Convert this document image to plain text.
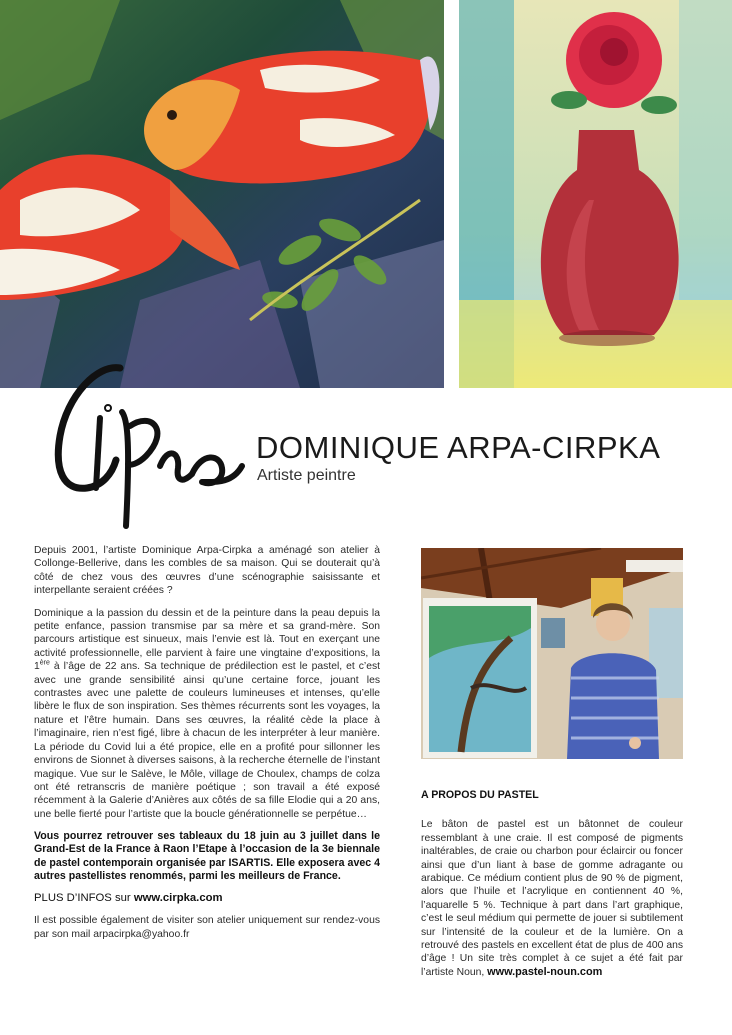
DOMINIQUE ARPA-CIRPKA
Artiste peintre

Depuis 2001, l’artiste Dominique Arpa-Cirpka a aménagé son atelier à Collonge-Bellerive, dans les combles de sa maison. Qui se douterait qu’à côté de chez vous des œuvres d’une scénographie saisissante et interpellante seraient créées ?

Dominique a la passion du dessin et de la peinture dans la peau depuis la petite enfance, passion transmise par sa mère et sa grand-mère. Son parcours artistique est sinueux, mais l’envie est là. Tout en exerçant une activité professionnelle, elle parvient à faire une vingtaine d’expositions, la 1ère à l’âge de 22 ans. Sa technique de prédilection est le pastel, et c’est avec une grande sensibilité ainsi qu’une certaine force, jouant les contrastes avec une palette de couleurs lumineuses et intenses, qu’elle libère le flux de son inspiration. Ses thèmes récurrents sont les voyages, la nature et l’être humain. Dans ses œuvres, la réalité cède la place à l’imaginaire, rien n’est figé, libre à chacun de les interpréter à leur manière. La période du Covid lui a été propice, elle en a profité pour sillonner les environs de Sionnet à diverses saisons, à la recherche éternelle de l’instant magique. Vue sur le Salève, le Môle, village de Choulex, champs de colza ont été retranscris de manière poétique ; son travail a été exposé récemment à la Galerie d’Anières aux côtés de sa fille Elodie qui a 20 ans, une belle fierté pour l’artiste que la boucle générationnelle se perpétue…

Vous pourrez retrouver ses tableaux du 18 juin au 3 juillet dans le Grand-Est de la France à Raon l’Etape à l’occasion de la 3e biennale de pastel contemporain organisée par ISARTIS. Elle exposera avec 4 autres pastellistes renommés, parmi les meilleurs de France.

PLUS D’INFOS sur www.cirpka.com

Il est possible également de visiter son atelier uniquement sur rendez-vous par son mail arpacirpka@yahoo.fr

A PROPOS DU PASTEL

Le bâton de pastel est un bâtonnet de couleur ressemblant à une craie. Il est composé de pigments inaltérables, de craie ou charbon pour éclaircir ou foncer ainsi que d’un liant à base de gomme adragante ou arabique. Ce médium contient plus de 90 % de pigment, alors que l’huile et l’acrylique en contiennent 40 %, l’aquarelle 5 %. Technique à part dans l’art graphique, c’est le seul médium qui permette de jouer si subtilement sur l’intensité de la couleur et de la lumière. On a retrouvé des pastels en excellent état de plus de 400 ans d’âge ! Un site très complet à ce sujet a été fait par l’artiste Noun, www.pastel-noun.com
